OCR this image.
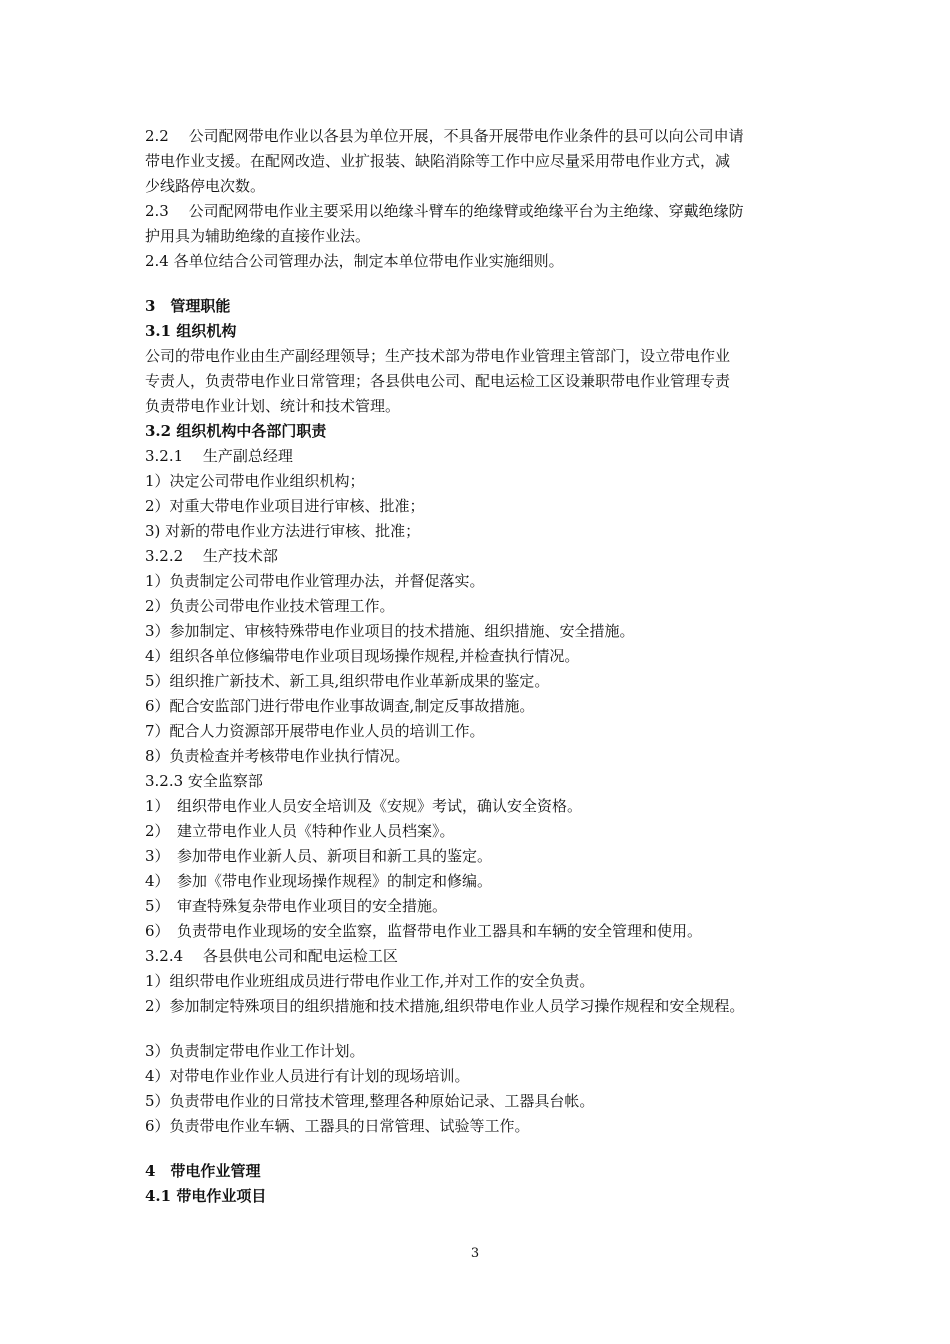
2.2　 公司配网带电作业以各县为单位开展，不具备开展带电作业条件的县可以向公司申请
带电作业支援。在配网改造、业扩报装、缺陷消除等工作中应尽量采用带电作业方式，减
少线路停电次数。
2.3　 公司配网带电作业主要采用以绝缘斗臂车的绝缘臂或绝缘平台为主绝缘、穿戴绝缘防
护用具为辅助绝缘的直接作业法。
2.4 各单位结合公司管理办法，制定本单位带电作业实施细则。
3　管理职能
3.1 组织机构
公司的带电作业由生产副经理领导；生产技术部为带电作业管理主管部门，设立带电作业
专责人，负责带电作业日常管理；各县供电公司、配电运检工区设兼职带电作业管理专责
负责带电作业计划、统计和技术管理。
3.2 组织机构中各部门职责
3.2.1　 生产副总经理
1）决定公司带电作业组织机构；
2）对重大带电作业项目进行审核、批准；
3) 对新的带电作业方法进行审核、批准；
3.2.2　 生产技术部
1）负责制定公司带电作业管理办法，并督促落实。
2）负责公司带电作业技术管理工作。
3）参加制定、审核特殊带电作业项目的技术措施、组织措施、安全措施。
4）组织各单位修编带电作业项目现场操作规程,并检查执行情况。
5）组织推广新技术、新工具,组织带电作业革新成果的鉴定。
6）配合安监部门进行带电作业事故调查,制定反事故措施。
7）配合人力资源部开展带电作业人员的培训工作。
8）负责检查并考核带电作业执行情况。
3.2.3 安全监察部
1）　组织带电作业人员安全培训及《安规》考试，确认安全资格。
2）　建立带电作业人员《特种作业人员档案》。
3）　参加带电作业新人员、新项目和新工具的鉴定。
4）　参加《带电作业现场操作规程》的制定和修编。
5）　审查特殊复杂带电作业项目的安全措施。
6）　负责带电作业现场的安全监察，监督带电作业工器具和车辆的安全管理和使用。
3.2.4　 各县供电公司和配电运检工区
1）组织带电作业班组成员进行带电作业工作,并对工作的安全负责。
2）参加制定特殊项目的组织措施和技术措施,组织带电作业人员学习操作规程和安全规程。
3）负责制定带电作业工作计划。
4）对带电作业作业人员进行有计划的现场培训。
5）负责带电作业的日常技术管理,整理各种原始记录、工器具台帐。
6）负责带电作业车辆、工器具的日常管理、试验等工作。
4　带电作业管理
4.1 带电作业项目
3
